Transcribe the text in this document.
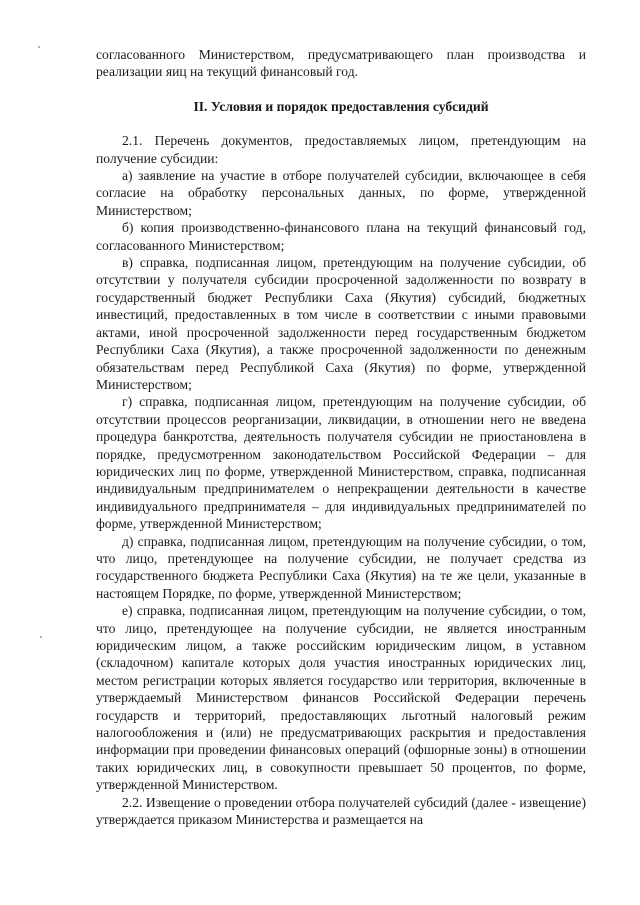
согласованного Министерством, предусматривающего план производства и реализации яиц на текущий финансовый год.

II. Условия и порядок предоставления субсидий

2.1. Перечень документов, предоставляемых лицом, претендующим на получение субсидии:

а) заявление на участие в отборе получателей субсидии, включающее в себя согласие на обработку персональных данных, по форме, утвержденной Министерством;

б) копия производственно-финансового плана на текущий финансовый год, согласованного Министерством;

в) справка, подписанная лицом, претендующим на получение субсидии, об отсутствии у получателя субсидии просроченной задолженности по возврату в государственный бюджет Республики Саха (Якутия) субсидий, бюджетных инвестиций, предоставленных в том числе в соответствии с иными правовыми актами, иной просроченной задолженности перед государственным бюджетом Республики Саха (Якутия), а также просроченной задолженности по денежным обязательствам перед Республикой Саха (Якутия) по форме, утвержденной Министерством;

г) справка, подписанная лицом, претендующим на получение субсидии, об отсутствии процессов реорганизации, ликвидации, в отношении него не введена процедура банкротства, деятельность получателя субсидии не приостановлена в порядке, предусмотренном законодательством Российской Федерации – для юридических лиц по форме, утвержденной Министерством, справка, подписанная индивидуальным предпринимателем о непрекращении деятельности в качестве индивидуального предпринимателя – для индивидуальных предпринимателей по форме, утвержденной Министерством;

д) справка, подписанная лицом, претендующим на получение субсидии, о том, что лицо, претендующее на получение субсидии, не получает средства из государственного бюджета Республики Саха (Якутия) на те же цели, указанные в настоящем Порядке, по форме, утвержденной Министерством;

е) справка, подписанная лицом, претендующим на получение субсидии, о том, что лицо, претендующее на получение субсидии, не является иностранным юридическим лицом, а также российским юридическим лицом, в уставном (складочном) капитале которых доля участия иностранных юридических лиц, местом регистрации которых является государство или территория, включенные в утверждаемый Министерством финансов Российской Федерации перечень государств и территорий, предоставляющих льготный налоговый режим налогообложения и (или) не предусматривающих раскрытия и предоставления информации при проведении финансовых операций (офшорные зоны) в отношении таких юридических лиц, в совокупности превышает 50 процентов, по форме, утвержденной Министерством.

2.2. Извещение о проведении отбора получателей субсидий (далее - извещение) утверждается приказом Министерства и размещается на
